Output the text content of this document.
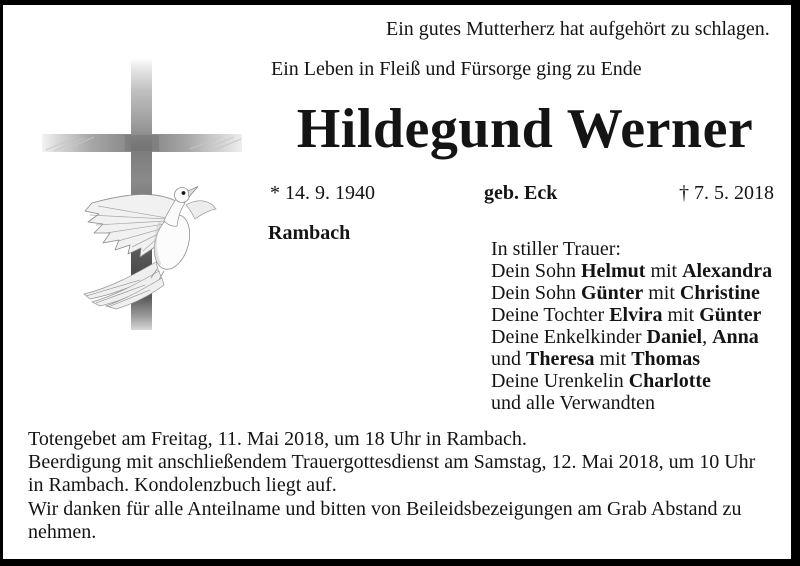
Ein gutes Mutterherz hat aufgehört zu schlagen.
Ein Leben in Fleiß und Fürsorge ging zu Ende
Hildegund Werner
* 14. 9. 1940	geb. Eck	† 7. 5. 2018
Rambach
In stiller Trauer:
Dein Sohn Helmut mit Alexandra
Dein Sohn Günter mit Christine
Deine Tochter Elvira mit Günter
Deine Enkelkinder Daniel, Anna
und Theresa mit Thomas
Deine Urenkelin Charlotte
und alle Verwandten
Totengebet am Freitag, 11. Mai 2018, um 18 Uhr in Rambach.
Beerdigung mit anschließendem Trauergottesdienst am Samstag, 12. Mai 2018, um 10 Uhr
in Rambach. Kondolenzbuch liegt auf.
Wir danken für alle Anteilname und bitten von Beileidsbezeigungen am Grab Abstand zu
nehmen.
